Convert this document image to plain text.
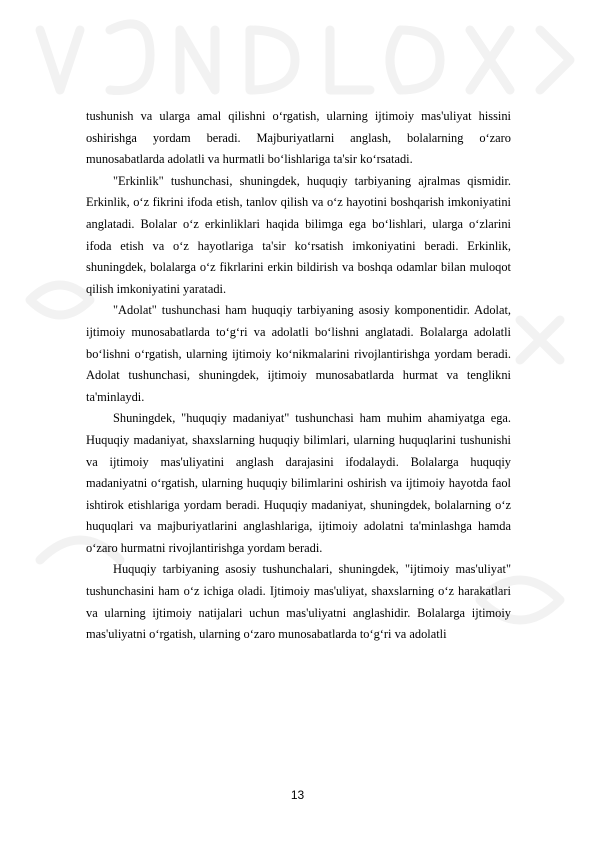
tushunish va ularga amal qilishni o‘rgatish, ularning ijtimoiy mas'uliyat hissini oshirishga yordam beradi. Majburiyatlarni anglash, bolalarning o‘zaro munosabatlarda adolatli va hurmatli bo‘lishlariga ta'sir ko‘rsatadi.

"Erkinlik" tushunchasi, shuningdek, huquqiy tarbiyaning ajralmas qismidir. Erkinlik, o‘z fikrini ifoda etish, tanlov qilish va o‘z hayotini boshqarish imkoniyatini anglatadi. Bolalar o‘z erkinliklari haqida bilimga ega bo‘lishlari, ularga o‘zlarini ifoda etish va o‘z hayotlariga ta'sir ko‘rsatish imkoniyatini beradi. Erkinlik, shuningdek, bolalarga o‘z fikrlarini erkin bildirish va boshqa odamlar bilan muloqot qilish imkoniyatini yaratadi.

"Adolat" tushunchasi ham huquqiy tarbiyaning asosiy komponentidir. Adolat, ijtimoiy munosabatlarda to‘g‘ri va adolatli bo‘lishni anglatadi. Bolalarga adolatli bo‘lishni o‘rgatish, ularning ijtimoiy ko‘nikmalarini rivojlantirishga yordam beradi. Adolat tushunchasi, shuningdek, ijtimoiy munosabatlarda hurmat va tenglikni ta'minlaydi.

Shuningdek, "huquqiy madaniyat" tushunchasi ham muhim ahamiyatga ega. Huquqiy madaniyat, shaxslarning huquqiy bilimlari, ularning huquqlarini tushunishi va ijtimoiy mas'uliyatini anglash darajasini ifodalaydi. Bolalarga huquqiy madaniyatni o‘rgatish, ularning huquqiy bilimlarini oshirish va ijtimoiy hayotda faol ishtirok etishlariga yordam beradi. Huquqiy madaniyat, shuningdek, bolalarning o‘z huquqlari va majburiyatlarini anglashlariga, ijtimoiy adolatni ta'minlashga hamda o‘zaro hurmatni rivojlantirishga yordam beradi.

Huquqiy tarbiyaning asosiy tushunchalari, shuningdek, "ijtimoiy mas'uliyat" tushunchasini ham o‘z ichiga oladi. Ijtimoiy mas'uliyat, shaxslarning o‘z harakatlari va ularning ijtimoiy natijalari uchun mas'uliyatni anglashidir. Bolalarga ijtimoiy mas'uliyatni o‘rgatish, ularning o‘zaro munosabatlarda to‘g‘ri va adolatli

13
